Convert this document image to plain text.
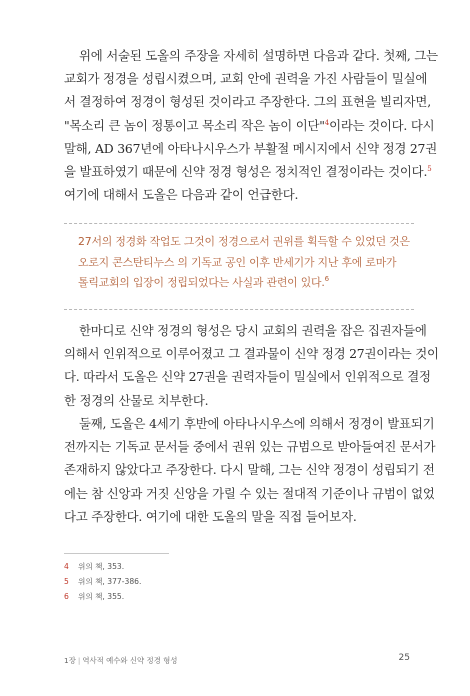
위에 서술된 도올의 주장을 자세히 설명하면 다음과 같다. 첫째, 그는
교회가 정경을 성립시켰으며, 교회 안에 권력을 가진 사람들이 밀실에
서 결정하여 정경이 형성된 것이라고 주장한다. 그의 표현을 빌리자면,
"목소리 큰 놈이 정통이고 목소리 작은 놈이 이단"$^4$이라는 것이다. 다시
말해, AD 367년에 아타나시우스가 부활절 메시지에서 신약 정경 27권
을 발표하였기 때문에 신약 정경 형성은 정치적인 결정이라는 것이다.$^5$
여기에 대해서 도올은 다음과 같이 언급한다.

27서의 정경화 작업도 그것이 정경으로서 권위를 획득할 수 있었던 것은
오로지 콘스탄티누스 의 기독교 공인 이후 반세기가 지난 후에 로마가
톨릭교회의 입장이 정립되었다는 사실과 관련이 있다.$^6$

한마디로 신약 정경의 형성은 당시 교회의 권력을 잡은 집권자들에
의해서 인위적으로 이루어졌고 그 결과물이 신약 정경 27권이라는 것이
다. 따라서 도올은 신약 27권을 권력자들이 밀실에서 인위적으로 결정
한 정경의 산물로 치부한다.

둘째, 도올은 4세기 후반에 아타나시우스에 의해서 정경이 발표되기
전까지는 기독교 문서들 중에서 권위 있는 규범으로 받아들여진 문서가
존재하지 않았다고 주장한다. 다시 말해, 그는 신약 정경이 성립되기 전
에는 참 신앙과 거짓 신앙을 가릴 수 있는 절대적 기준이나 규범이 없었
다고 주장한다. 여기에 대한 도올의 말을 직접 들어보자.

4 위의 책, 353.
5 위의 책, 377-386.
6 위의 책, 355.
1장 | 역사적 예수와 신약 정경 형성	25
